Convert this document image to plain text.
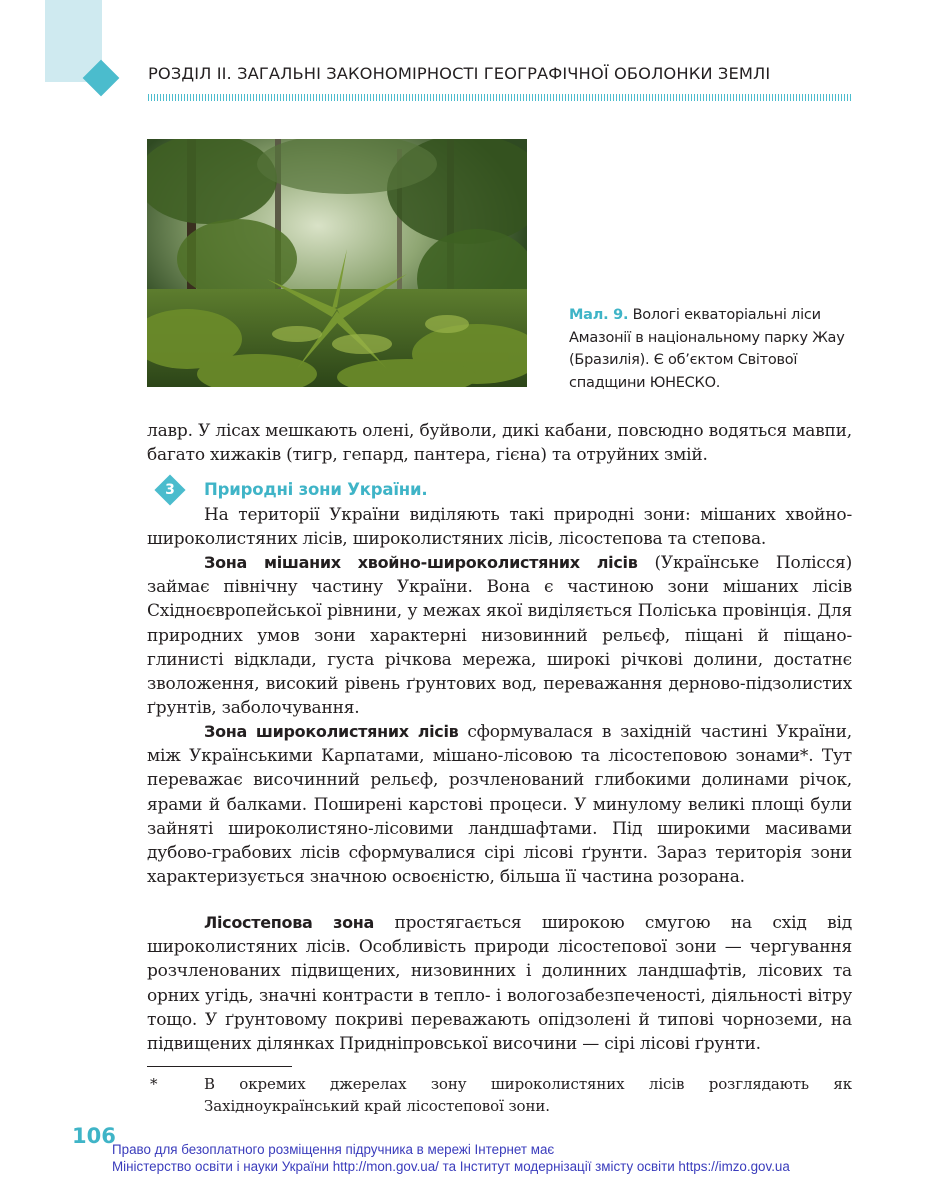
РОЗДІЛ ІІ. ЗАГАЛЬНІ ЗАКОНОМІРНОСТІ ГЕОГРАФІЧНОЇ ОБОЛОНКИ ЗЕМЛІ
Мал. 9. Вологі екваторіальні ліси Амазонії в національному парку Жау (Бразилія). Є об’єктом Світової спадщини ЮНЕСКО.

лавр. У лісах мешкають олені, буйволи, дикі кабани, повсюдно водяться мавпи, багато хижаків (тигр, гепард, пантера, гієна) та отруйних змій.

3	Природні зони України.

На території України виділяють такі природні зони: мішаних хвойно-широколистяних лісів, широколистяних лісів, лісостепова та степова.

Зона мішаних хвойно-широколистяних лісів (Українське Полісся) займає північну частину України. Вона є частиною зони мішаних лісів Східноєвропейської рівнини, у межах якої виділяється Поліська провінція. Для природних умов зони характерні низовинний рельєф, піщані й піщано-глинисті відклади, густа річкова мережа, широкі річкові долини, достатнє зволоження, високий рівень ґрунтових вод, переважання дерново-підзолистих ґрунтів, заболочування.

Зона широколистяних лісів сформувалася в західній частині України, між Українськими Карпатами, мішано-лісовою та лісостеповою зонами*. Тут переважає височинний рельєф, розчленований глибокими долинами річок, ярами й балками. Поширені карстові процеси. У минулому великі площі були зайняті широколистяно-лісовими ландшафтами. Під широкими масивами дубово-грабових лісів сформувалися сірі лісові ґрунти. Зараз територія зони характеризується значною освоєністю, більша її частина розорана.

Лісостепова зона простягається широкою смугою на схід від широколистяних лісів. Особливість природи лісостепової зони — чергування розчленованих підвищених, низовинних і долинних ландшафтів, лісових та орних угідь, значні контрасти в тепло- і вологозабезпеченості, діяльності вітру тощо. У ґрунтовому покриві переважають опідзолені й типові чорноземи, на підвищених ділянках Придніпровської височини — сірі лісові ґрунти.

*	В окремих джерелах зону широколистяних лісів розглядають як Західноукраїнський край лісостепової зони.

106
Право для безоплатного розміщення підручника в мережі Інтернет має
Міністерство освіти і науки України http://mon.gov.ua/ та Інститут модернізації змісту освіти https://imzo.gov.ua
